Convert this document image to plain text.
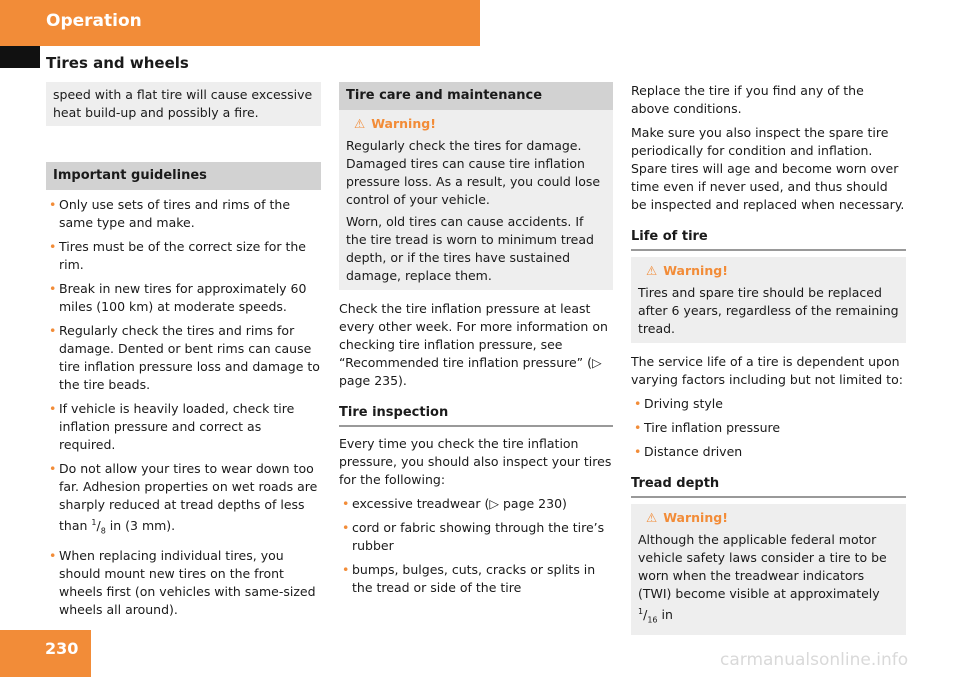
Operation
Tires and wheels
speed with a flat tire will cause excessive heat build-up and possibly a fire.
Important guidelines
• Only use sets of tires and rims of the same type and make.
• Tires must be of the correct size for the rim.
• Break in new tires for approximately 60 miles (100 km) at moderate speeds.
• Regularly check the tires and rims for damage. Dented or bent rims can cause tire inflation pressure loss and damage to the tire beads.
• If vehicle is heavily loaded, check tire inflation pressure and correct as required.
• Do not allow your tires to wear down too far. Adhesion properties on wet roads are sharply reduced at tread depths of less than $^1/_8$ in (3 mm).
• When replacing individual tires, you should mount new tires on the front wheels first (on vehicles with same-sized wheels all around).
Tire care and maintenance
⚠ Warning!

Regularly check the tires for damage. Damaged tires can cause tire inflation pressure loss. As a result, you could lose control of your vehicle.

Worn, old tires can cause accidents. If the tire tread is worn to minimum tread depth, or if the tires have sustained damage, replace them.

Check the tire inflation pressure at least every other week. For more information on checking tire inflation pressure, see “Recommended tire inflation pressure” (▷ page 235).

Tire inspection

Every time you check the tire inflation pressure, you should also inspect your tires for the following:

• excessive treadwear (▷ page 230)
• cord or fabric showing through the tire’s rubber
• bumps, bulges, cuts, cracks or splits in the tread or side of the tire

Replace the tire if you find any of the above conditions.

Make sure you also inspect the spare tire periodically for condition and inflation. Spare tires will age and become worn over time even if never used, and thus should be inspected and replaced when necessary.

Life of tire
⚠ Warning!

Tires and spare tire should be replaced after 6 years, regardless of the remaining tread.

The service life of a tire is dependent upon varying factors including but not limited to:

• Driving style
• Tire inflation pressure
• Distance driven
Tread depth
⚠ Warning!

Although the applicable federal motor vehicle safety laws consider a tire to be worn when the treadwear indicators (TWI) become visible at approximately $^1/_{16}$ in

230
carmanualsonline.info
